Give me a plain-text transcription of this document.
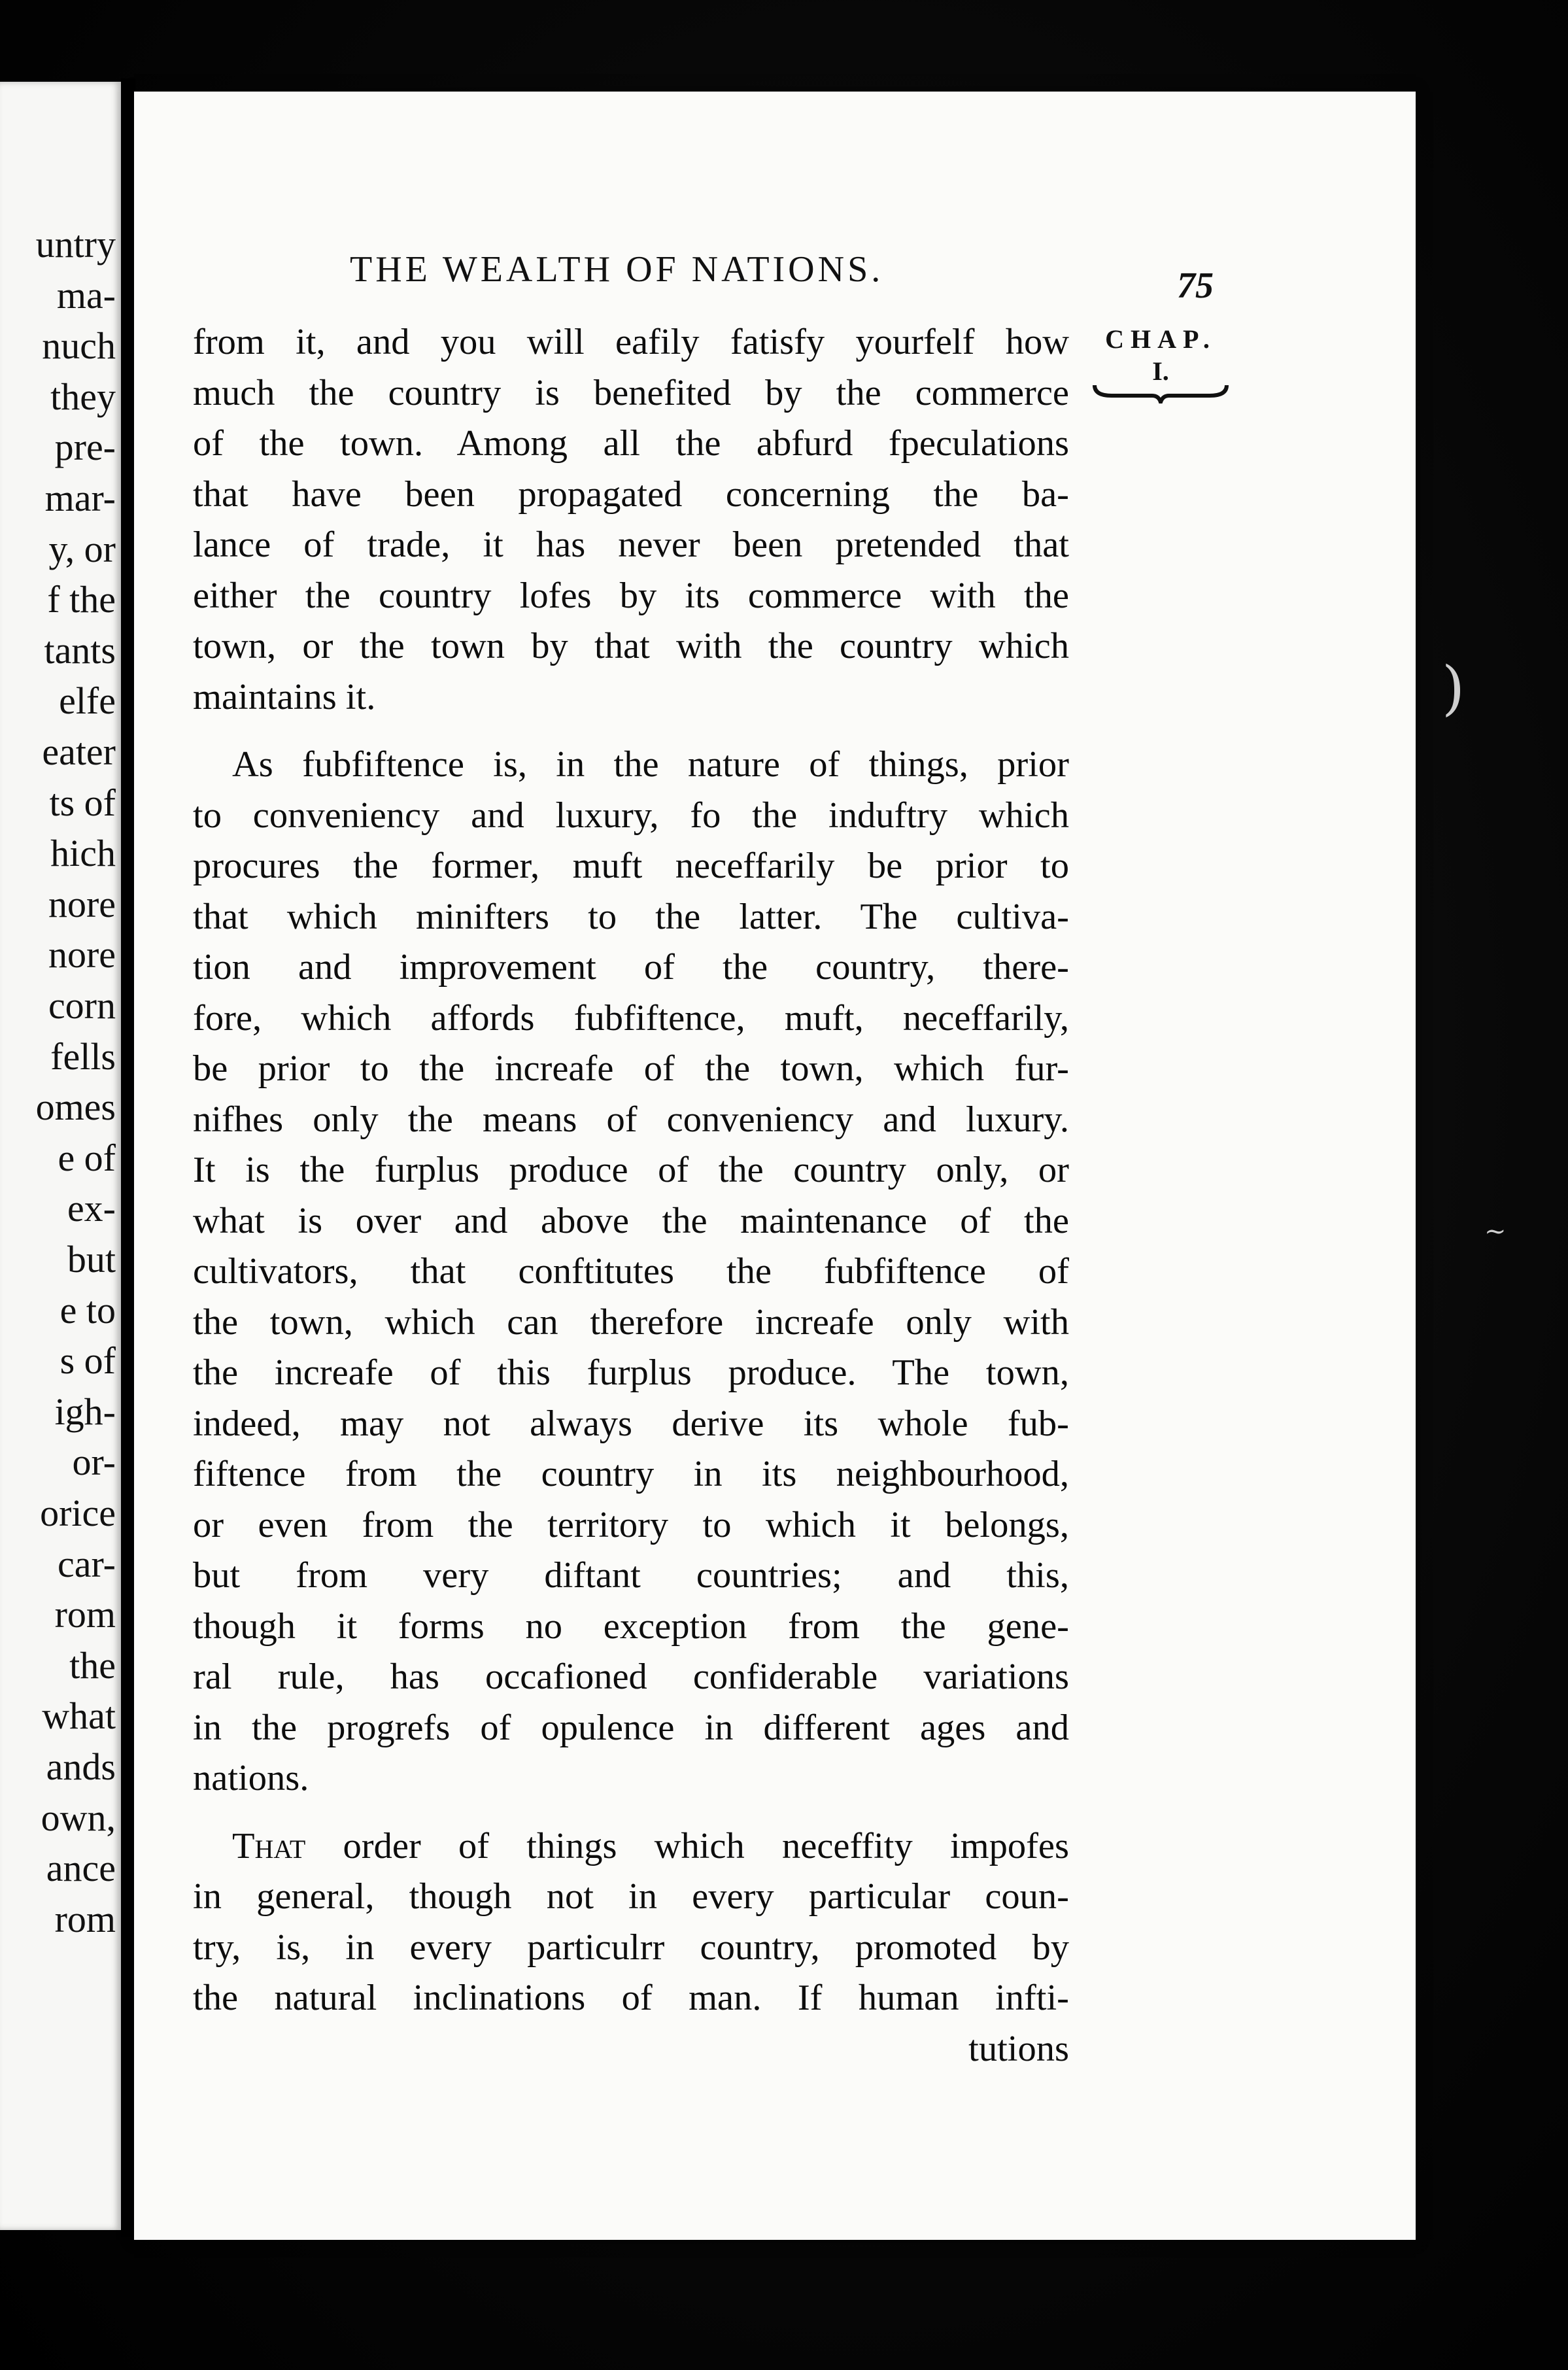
untry
ma-
nuch
they
pre-
mar-
y, or
f the
tants
elfe
eater
ts of
hich
nore
nore
corn
fells
omes
e of
ex-
but
e to
s of
igh-
or-
orice
car-
rom
the
what
ands
own,
ance
rom
THE WEALTH OF NATIONS.	75
CHAP.
I.
from it, and you will eafily fatisfy yourfelf how
much the country is benefited by the commerce
of the town. Among all the abfurd fpeculations
that have been propagated concerning the ba-
lance of trade, it has never been pretended that
either the country lofes by its commerce with the
town, or the town by that with the country which
maintains it.
As fubfiftence is, in the nature of things, prior
to conveniency and luxury, fo the induftry which
procures the former, muft neceffarily be prior to
that which minifters to the latter. The cultiva-
tion and improvement of the country, there-
fore, which affords fubfiftence, muft, neceffarily,
be prior to the increafe of the town, which fur-
nifhes only the means of conveniency and luxury.
It is the furplus produce of the country only, or
what is over and above the maintenance of the
cultivators, that conftitutes the fubfiftence of
the town, which can therefore increafe only with
the increafe of this furplus produce. The town,
indeed, may not always derive its whole fub-
fiftence from the country in its neighbourhood,
or even from the territory to which it belongs,
but from very diftant countries; and this,
though it forms no exception from the gene-
ral rule, has occafioned confiderable variations
in the progrefs of opulence in different ages and
nations.
That order of things which neceffity impofes
in general, though not in every particular coun-
try, is, in every particulrr country, promoted by
the natural inclinations of man. If human infti-
tutions
)
~
